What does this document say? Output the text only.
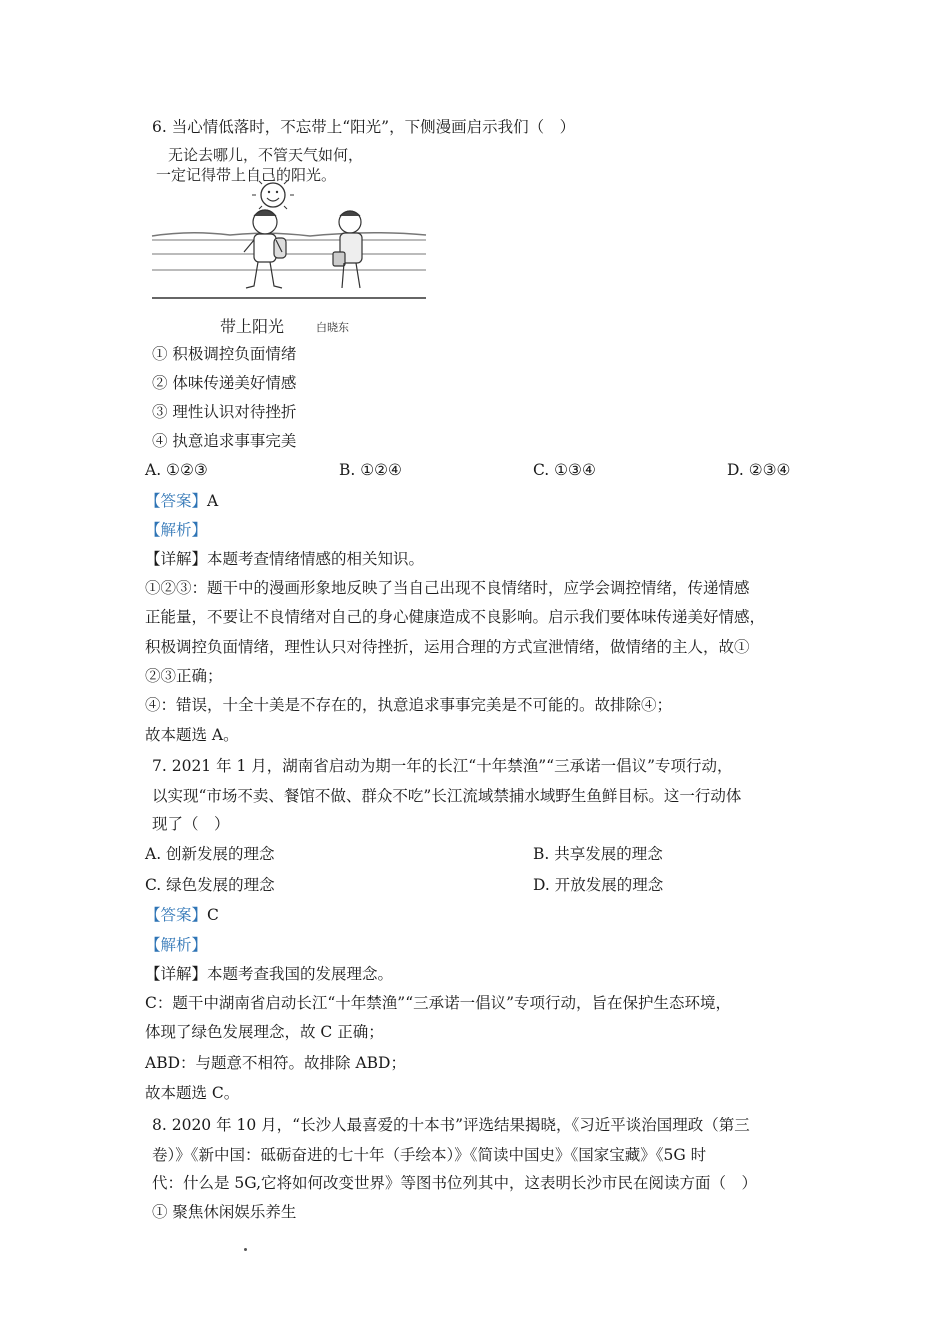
6. 当心情低落时，不忘带上“阳光”，下侧漫画启示我们（　）
无论去哪儿，不管天气如何，
一定记得带上自己的阳光。
带上阳光	白晓东
① 积极调控负面情绪
② 体味传递美好情感
③ 理性认识对待挫折
④ 执意追求事事完美
A. ①②③	B. ①②④	C. ①③④	D. ②③④
【答案】A
【解析】
【详解】本题考查情绪情感的相关知识。
①②③：题干中的漫画形象地反映了当自己出现不良情绪时，应学会调控情绪，传递情感
正能量，不要让不良情绪对自己的身心健康造成不良影响。启示我们要体味传递美好情感，
积极调控负面情绪，理性认只对待挫折，运用合理的方式宣泄情绪，做情绪的主人，故①
②③正确；
④：错误，十全十美是不存在的，执意追求事事完美是不可能的。故排除④；
故本题选 A。
7. 2021 年 1 月，湖南省启动为期一年的长江“十年禁渔”“三承诺一倡议”专项行动，
以实现“市场不卖、餐馆不做、群众不吃”长江流域禁捕水域野生鱼鲜目标。这一行动体
现了（　）
A. 创新发展的理念	B. 共享发展的理念
C. 绿色发展的理念	D. 开放发展的理念
【答案】C
【解析】
【详解】本题考查我国的发展理念。
C：题干中湖南省启动长江“十年禁渔”“三承诺一倡议”专项行动，旨在保护生态环境，
体现了绿色发展理念，故 C 正确；
ABD：与题意不相符。故排除 ABD；
故本题选 C。
8. 2020 年 10 月，“长沙人最喜爱的十本书”评选结果揭晓，《习近平谈治国理政（第三
卷）》《新中国：砥砺奋进的七十年（手绘本）》《简读中国史》《国家宝藏》《5G 时
代：什么是 5G,它将如何改变世界》等图书位列其中，这表明长沙市民在阅读方面（　）
① 聚焦休闲娱乐养生
